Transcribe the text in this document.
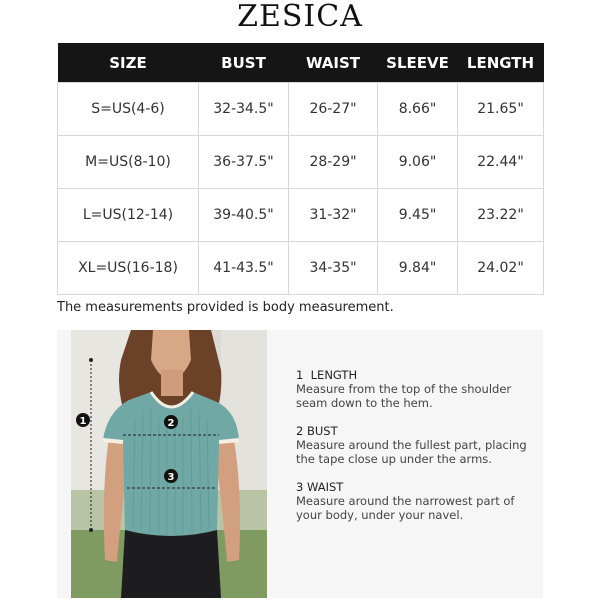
ZESICA
SIZE	BUST	WAIST	SLEEVE	LENGTH
S=US(4-6)	32-34.5"	26-27"	8.66"	21.65"
M=US(8-10)	36-37.5"	28-29"	9.06"	22.44"
L=US(12-14)	39-40.5"	31-32"	9.45"	23.22"
XL=US(16-18)	41-43.5"	34-35"	9.84"	24.02"
The measurements provided is body measurement.
1	2
3
1 LENGTH
Measure from the top of the shoulder seam down to the hem.
2 BUST
Measure around the fullest part, placing the tape close up under the arms.
3 WAIST
Measure around the narrowest part of your body, under your navel.
